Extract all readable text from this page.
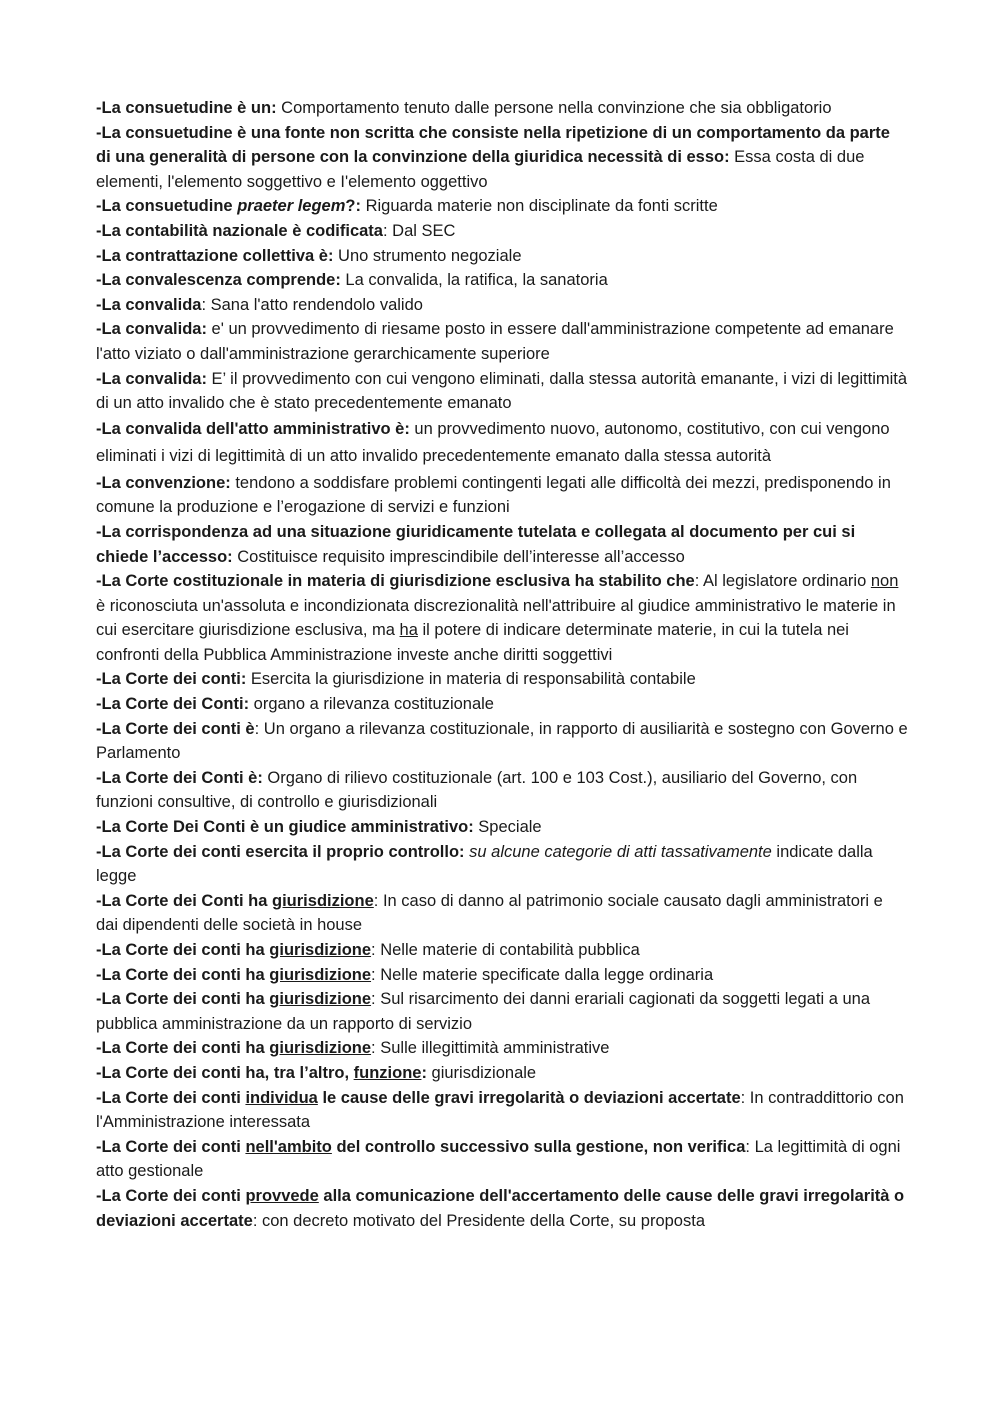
-La consuetudine è un: Comportamento tenuto dalle persone nella convinzione che sia obbligatorio

-La consuetudine è una fonte non scritta che consiste nella ripetizione di un comportamento da parte di una generalità di persone con la convinzione della giuridica necessità di esso: Essa costa di due elementi, l'elemento soggettivo e I'elemento oggettivo

-La consuetudine praeter legem?: Riguarda materie non disciplinate da fonti scritte

-La contabilità nazionale è codificata: Dal SEC

-La contrattazione collettiva è: Uno strumento negoziale

-La convalescenza comprende: La convalida, la ratifica, la sanatoria

-La convalida: Sana l'atto rendendolo valido

-La convalida: e' un provvedimento di riesame posto in essere dall'amministrazione competente ad emanare l'atto viziato o dall'amministrazione gerarchicamente superiore

-La convalida: E’ il provvedimento con cui vengono eliminati, dalla stessa autorità emanante, i vizi di legittimità di un atto invalido che è stato precedentemente emanato

-La convalida dell'atto amministrativo è: un provvedimento nuovo, autonomo, costitutivo, con cui vengono eliminati i vizi di legittimità di un atto invalido precedentemente emanato dalla stessa autorità

-La convenzione: tendono a soddisfare problemi contingenti legati alle difficoltà dei mezzi, predisponendo in comune la produzione e l’erogazione di servizi e funzioni

-La corrispondenza ad una situazione giuridicamente tutelata e collegata al documento per cui si chiede l’accesso: Costituisce requisito imprescindibile dell’interesse all’accesso

-La Corte costituzionale in materia di giurisdizione esclusiva ha stabilito che: Al legislatore ordinario non è riconosciuta un'assoluta e incondizionata discrezionalità nell'attribuire al giudice amministrativo le materie in cui esercitare giurisdizione esclusiva, ma ha il potere di indicare determinate materie, in cui la tutela nei confronti della Pubblica Amministrazione investe anche diritti soggettivi

-La Corte dei conti: Esercita la giurisdizione in materia di responsabilità contabile

-La Corte dei Conti: organo a rilevanza costituzionale

-La Corte dei conti è: Un organo a rilevanza costituzionale, in rapporto di ausiliarità e sostegno con Governo e Parlamento

-La Corte dei Conti è: Organo di rilievo costituzionale (art. 100 e 103 Cost.), ausiliario del Governo, con funzioni consultive, di controllo e giurisdizionali

-La Corte Dei Conti è un giudice amministrativo: Speciale

-La Corte dei conti esercita il proprio controllo: su alcune categorie di atti tassativamente indicate dalla legge

-La Corte dei Conti ha giurisdizione: In caso di danno al patrimonio sociale causato dagli amministratori e dai dipendenti delle società in house

-La Corte dei conti ha giurisdizione: Nelle materie di contabilità pubblica

-La Corte dei conti ha giurisdizione: Nelle materie specificate dalla legge ordinaria

-La Corte dei conti ha giurisdizione: Sul risarcimento dei danni erariali cagionati da soggetti legati a una pubblica amministrazione da un rapporto di servizio

-La Corte dei conti ha giurisdizione: Sulle illegittimità amministrative

-La Corte dei conti ha, tra l’altro, funzione: giurisdizionale

-La Corte dei conti individua le cause delle gravi irregolarità o deviazioni accertate: In contraddittorio con l'Amministrazione interessata

-La Corte dei conti nell'ambito del controllo successivo sulla gestione, non verifica: La legittimità di ogni atto gestionale

-La Corte dei conti provvede alla comunicazione dell'accertamento delle cause delle gravi irregolarità o deviazioni accertate: con decreto motivato del Presidente della Corte, su proposta
